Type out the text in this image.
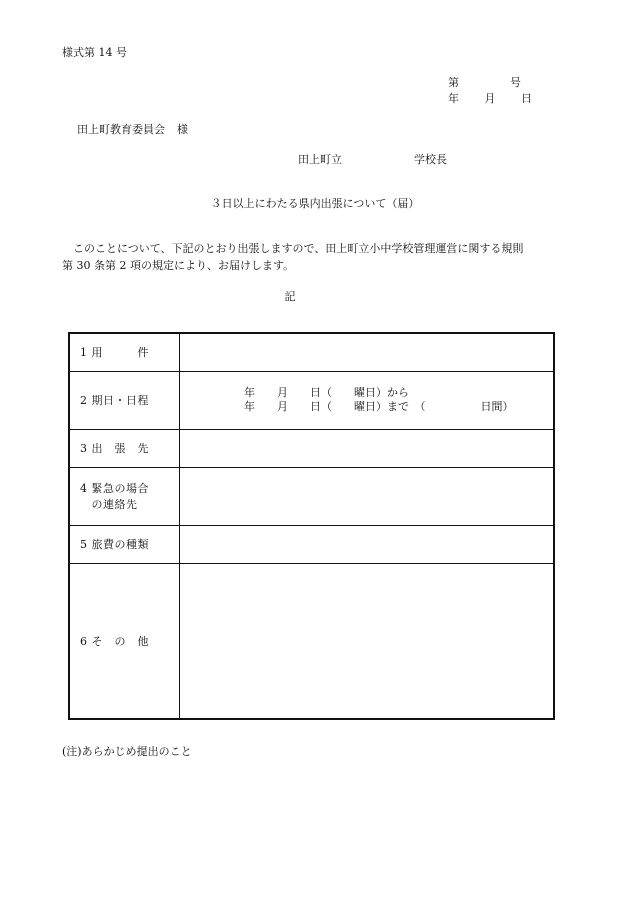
様式第 14 号
第	号
年 月 日
田上町教育委員会 様
田上町立	学校長
３日以上にわたる県内出張について（届）

このことについて、下記のとおり出張しますので、田上町立小中学校管理運営に関する規則

第 30 条第 2 項の規定により、お届けします。

記
1 用　　　件	
2 期日・日程	年　　月　　日（　　曜日）から
年　　月　　日（　　曜日）まで　（　　　　　日間）

3 出　張　先	

4 緊急の場合
　の連絡先	

5 旅費の種類	
6 そ　の　他	
(注)あらかじめ提出のこと
